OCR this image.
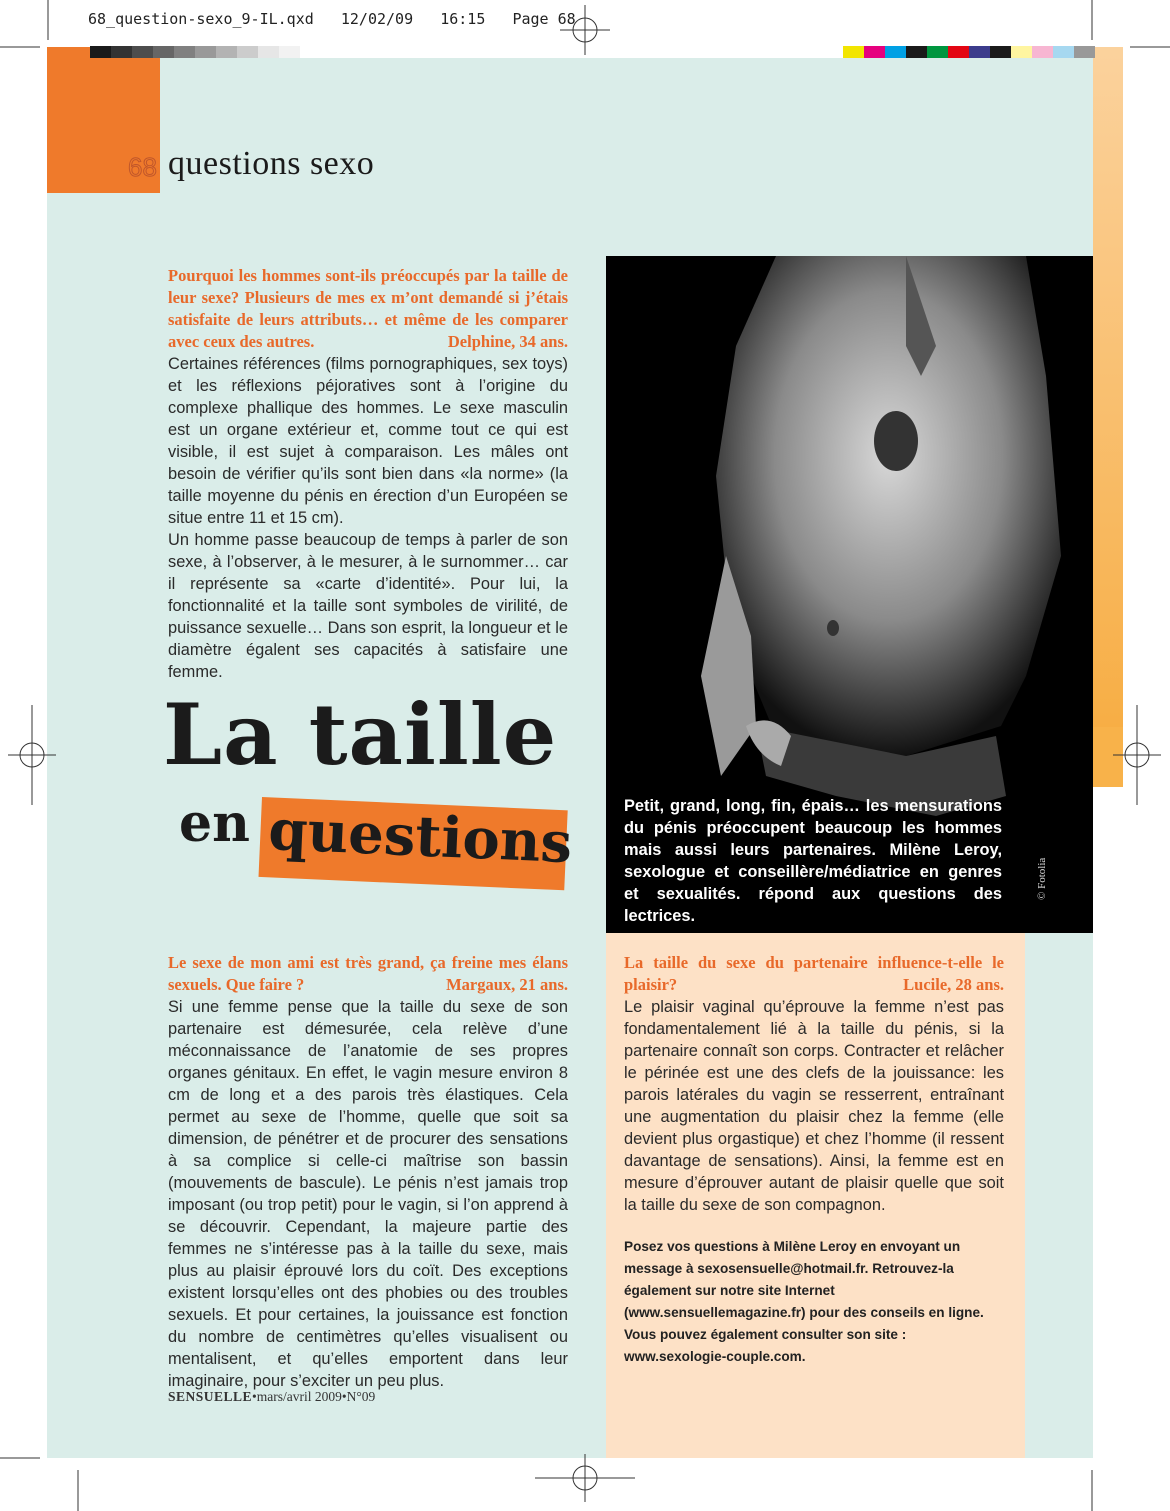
68_question-sexo_9-IL.qxd   12/02/09   16:15   Page 68
68 questions sexo
Pourquoi les hommes sont-ils préoccupés par la taille de leur sexe? Plusieurs de mes ex m’ont demandé si j’étais satisfaite de leurs attributs… et même de les comparer avec ceux des autres.	Delphine, 34 ans.
Certaines références (films pornographiques, sex toys) et les réflexions péjoratives sont à l’origine du complexe phallique des hommes. Le sexe masculin est un organe extérieur et, comme tout ce qui est visible, il est sujet à comparaison. Les mâles ont besoin de vérifier qu’ils sont bien dans «la norme» (la taille moyenne du pénis en érection d’un Européen se situe entre 11 et 15 cm).
Un homme passe beaucoup de temps à parler de son sexe, à l’observer, à le mesurer, à le surnommer… car il représente sa «carte d’identité». Pour lui, la fonctionnalité et la taille sont symboles de virilité, de puissance sexuelle… Dans son esprit, la longueur et le diamètre égalent ses capacités à satisfaire une femme.
La taille
en questions	Petit, grand, long, fin, épais… les mensurations du pénis préoccupent beaucoup les hommes mais aussi leurs partenaires. Milène Leroy, sexologue et conseillère/médiatrice en genres et sexualités. répond aux questions des lectrices.
© Fotolia
Le sexe de mon ami est très grand, ça freine mes élans sexuels. Que faire ?	Margaux, 21 ans.
Si une femme pense que la taille du sexe de son partenaire est démesurée, cela relève d’une méconnaissance de l’anatomie de ses propres organes génitaux. En effet, le vagin mesure environ 8 cm de long et a des parois très élastiques. Cela permet au sexe de l’homme, quelle que soit sa dimension, de pénétrer et de procurer des sensations à sa complice si celle-ci maîtrise son bassin (mouvements de bascule). Le pénis n’est jamais trop imposant (ou trop petit) pour le vagin, si l’on apprend à se découvrir. Cependant, la majeure partie des femmes ne s’intéresse pas à la taille du sexe, mais plus au plaisir éprouvé lors du coït. Des exceptions existent lorsqu’elles ont des phobies ou des troubles sexuels. Et pour certaines, la jouissance est fonction du nombre de centimètres qu’elles visualisent ou mentalisent, et qu’elles emportent dans leur imaginaire, pour s’exciter un peu plus.
La taille du sexe du partenaire influence-t-elle le plaisir?	Lucile, 28 ans.
Le plaisir vaginal qu’éprouve la femme n’est pas fondamentalement lié à la taille du pénis, si la partenaire connaît son corps. Contracter et relâcher le périnée est une des clefs de la jouissance: les parois latérales du vagin se resserrent, entraînant une augmentation du plaisir chez la femme (elle devient plus orgastique) et chez l’homme (il ressent davantage de sensations). Ainsi, la femme est en mesure d’éprouver autant de plaisir quelle que soit la taille du sexe de son compagnon.
Posez vos questions à Milène Leroy en envoyant un message à sexosensuelle@hotmail.fr. Retrouvez-la également sur notre site Internet (www.sensuellemagazine.fr) pour des conseils en ligne. Vous pouvez également consulter son site : www.sexologie-couple.com.
SENSUELLE•mars/avril 2009•N°09
